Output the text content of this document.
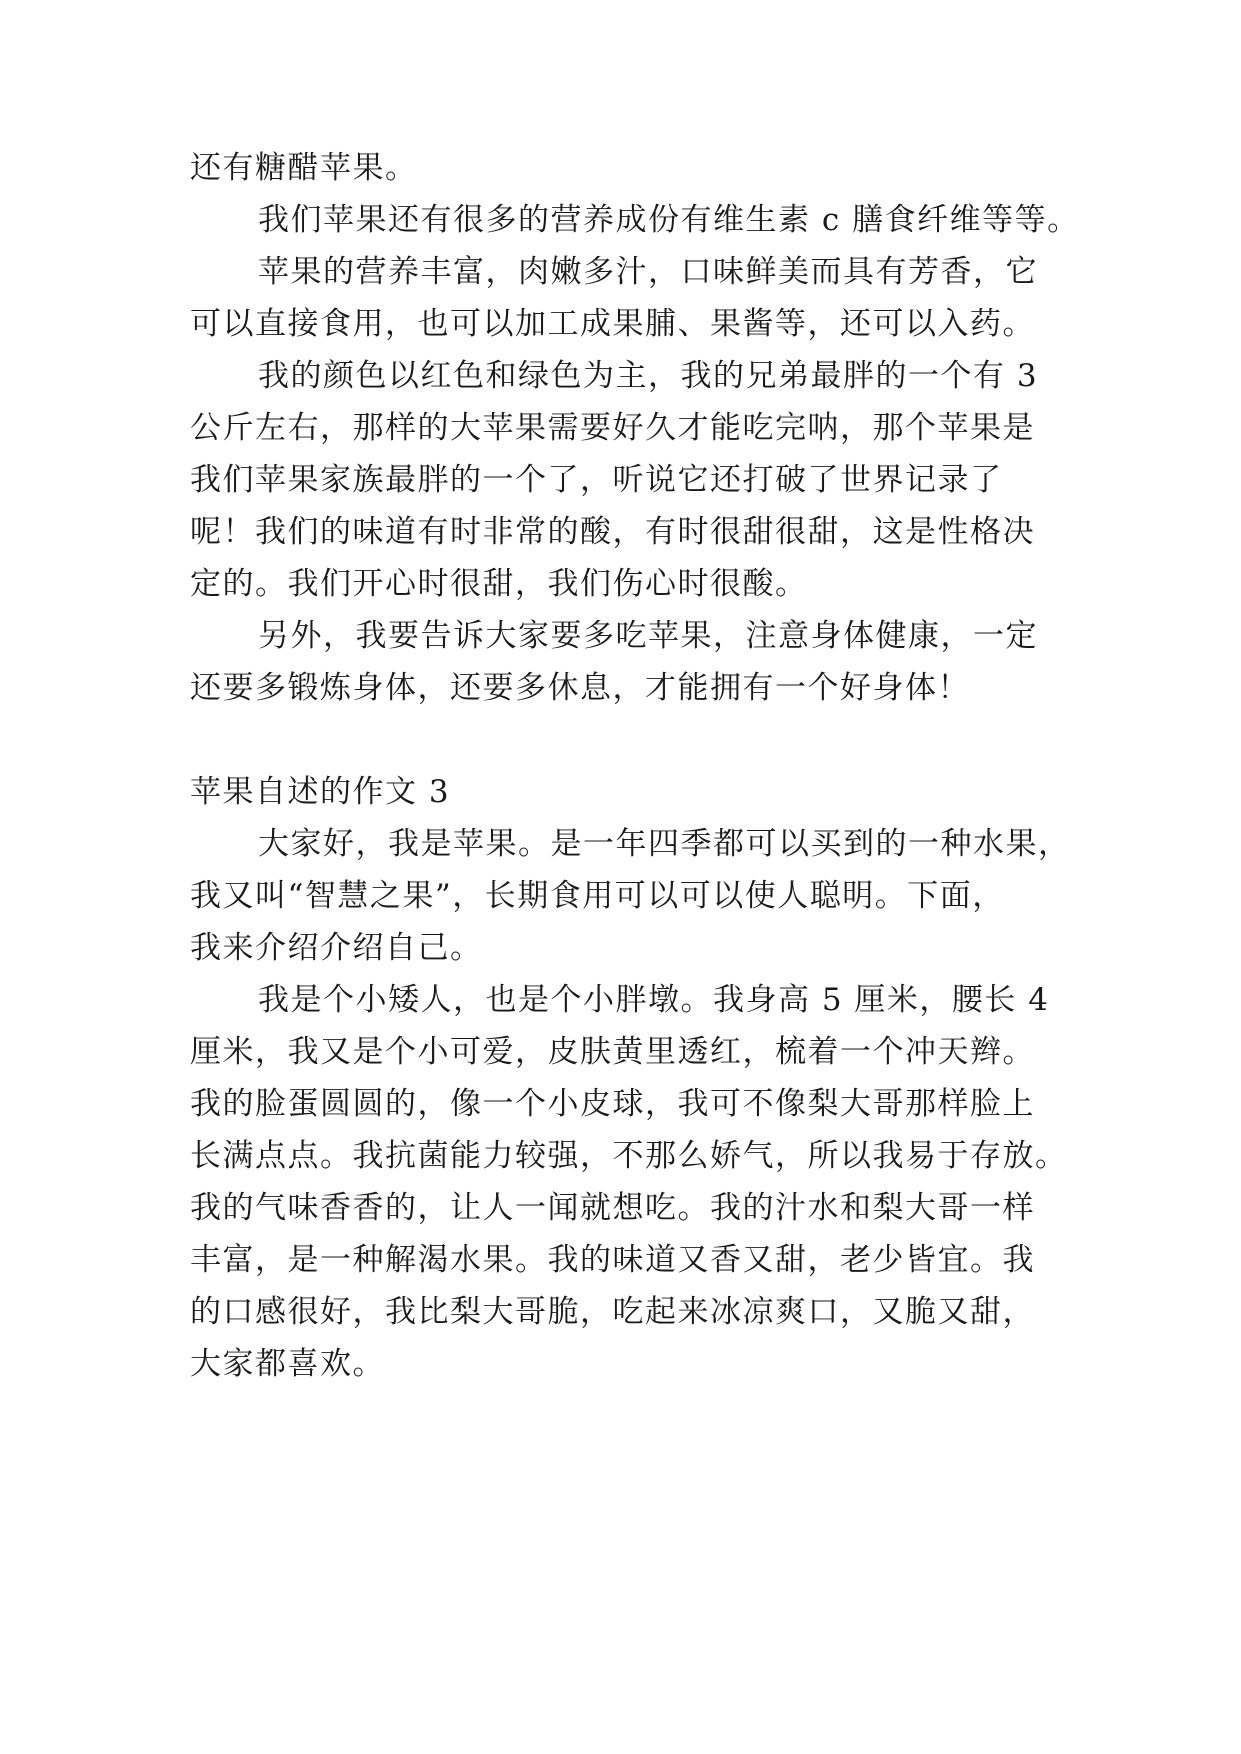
还有糖醋苹果。
我们苹果还有很多的营养成份有维生素 c 膳食纤维等等。
苹果的营养丰富，肉嫩多汁，口味鲜美而具有芳香，它
可以直接食用，也可以加工成果脯、果酱等，还可以入药。
我的颜色以红色和绿色为主，我的兄弟最胖的一个有 3
公斤左右，那样的大苹果需要好久才能吃完呐，那个苹果是
我们苹果家族最胖的一个了，听说它还打破了世界记录了
呢！我们的味道有时非常的酸，有时很甜很甜，这是性格决
定的。我们开心时很甜，我们伤心时很酸。
另外，我要告诉大家要多吃苹果，注意身体健康，一定
还要多锻炼身体，还要多休息，才能拥有一个好身体！
苹果自述的作文 3
大家好，我是苹果。是一年四季都可以买到的一种水果，
我又叫“智慧之果”，长期食用可以可以使人聪明。下面，
我来介绍介绍自己。
我是个小矮人，也是个小胖墩。我身高 5 厘米，腰长 4
厘米，我又是个小可爱，皮肤黄里透红，梳着一个冲天辫。
我的脸蛋圆圆的，像一个小皮球，我可不像梨大哥那样脸上
长满点点。我抗菌能力较强，不那么娇气，所以我易于存放。
我的气味香香的，让人一闻就想吃。我的汁水和梨大哥一样
丰富，是一种解渴水果。我的味道又香又甜，老少皆宜。我
的口感很好，我比梨大哥脆，吃起来冰凉爽口，又脆又甜，
大家都喜欢。
